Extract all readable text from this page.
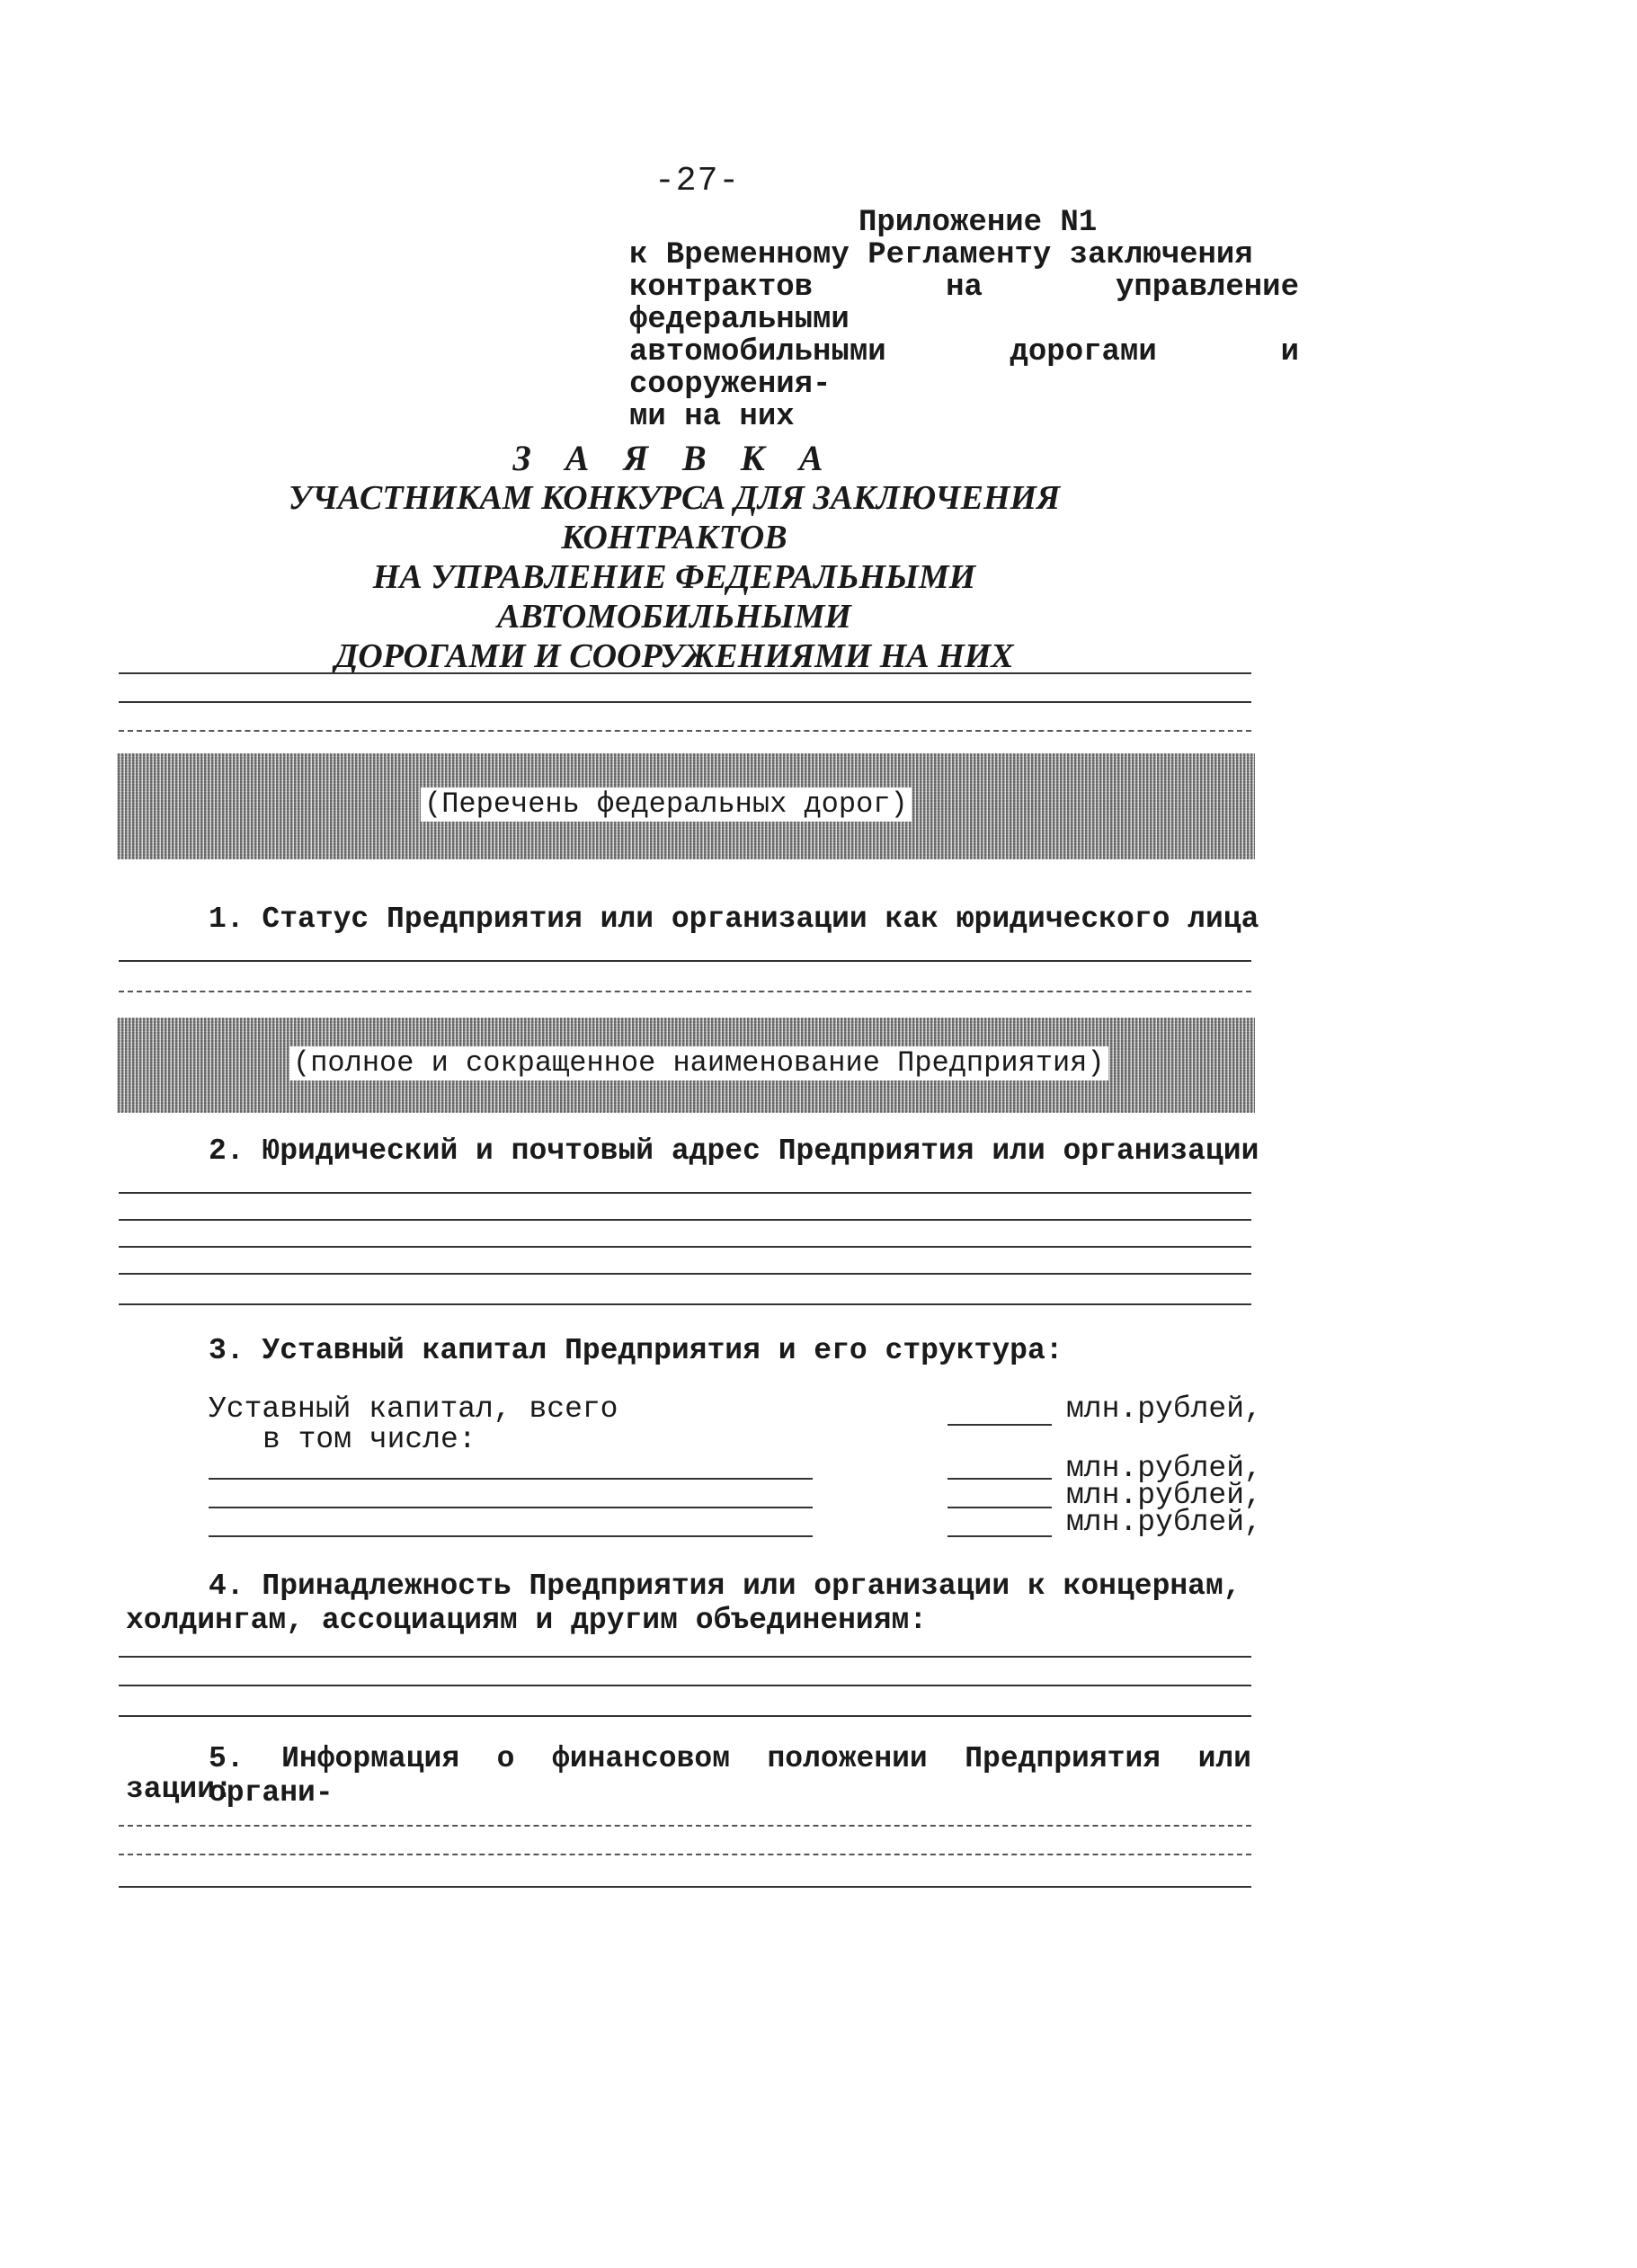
-27-
Приложение N1
к Временному Регламенту заключения
контрактов на управление федеральными
автомобильными дорогами и сооружения-
ми на них
З А Я В К А
УЧАСТНИКАМ КОНКУРСА ДЛЯ ЗАКЛЮЧЕНИЯ КОНТРАКТОВ
НА УПРАВЛЕНИЕ ФЕДЕРАЛЬНЫМИ АВТОМОБИЛЬНЫМИ
ДОРОГАМИ И СООРУЖЕНИЯМИ НА НИХ
(Перечень федеральных дорог)
1. Статус Предприятия или организации как юридического лица
(полное и сокращенное наименование Предприятия)
2. Юридический и почтовый адрес Предприятия или организации
3. Уставный капитал Предприятия и его структура:
Уставный капитал, всего
в том числе:
млн.рублей,
млн.рублей,
млн.рублей,
млн.рублей,
4. Принадлежность Предприятия или организации к концернам,
холдингам, ассоциациям и другим объединениям:
5. Информация о финансовом положении Предприятия или органи-
зации:
